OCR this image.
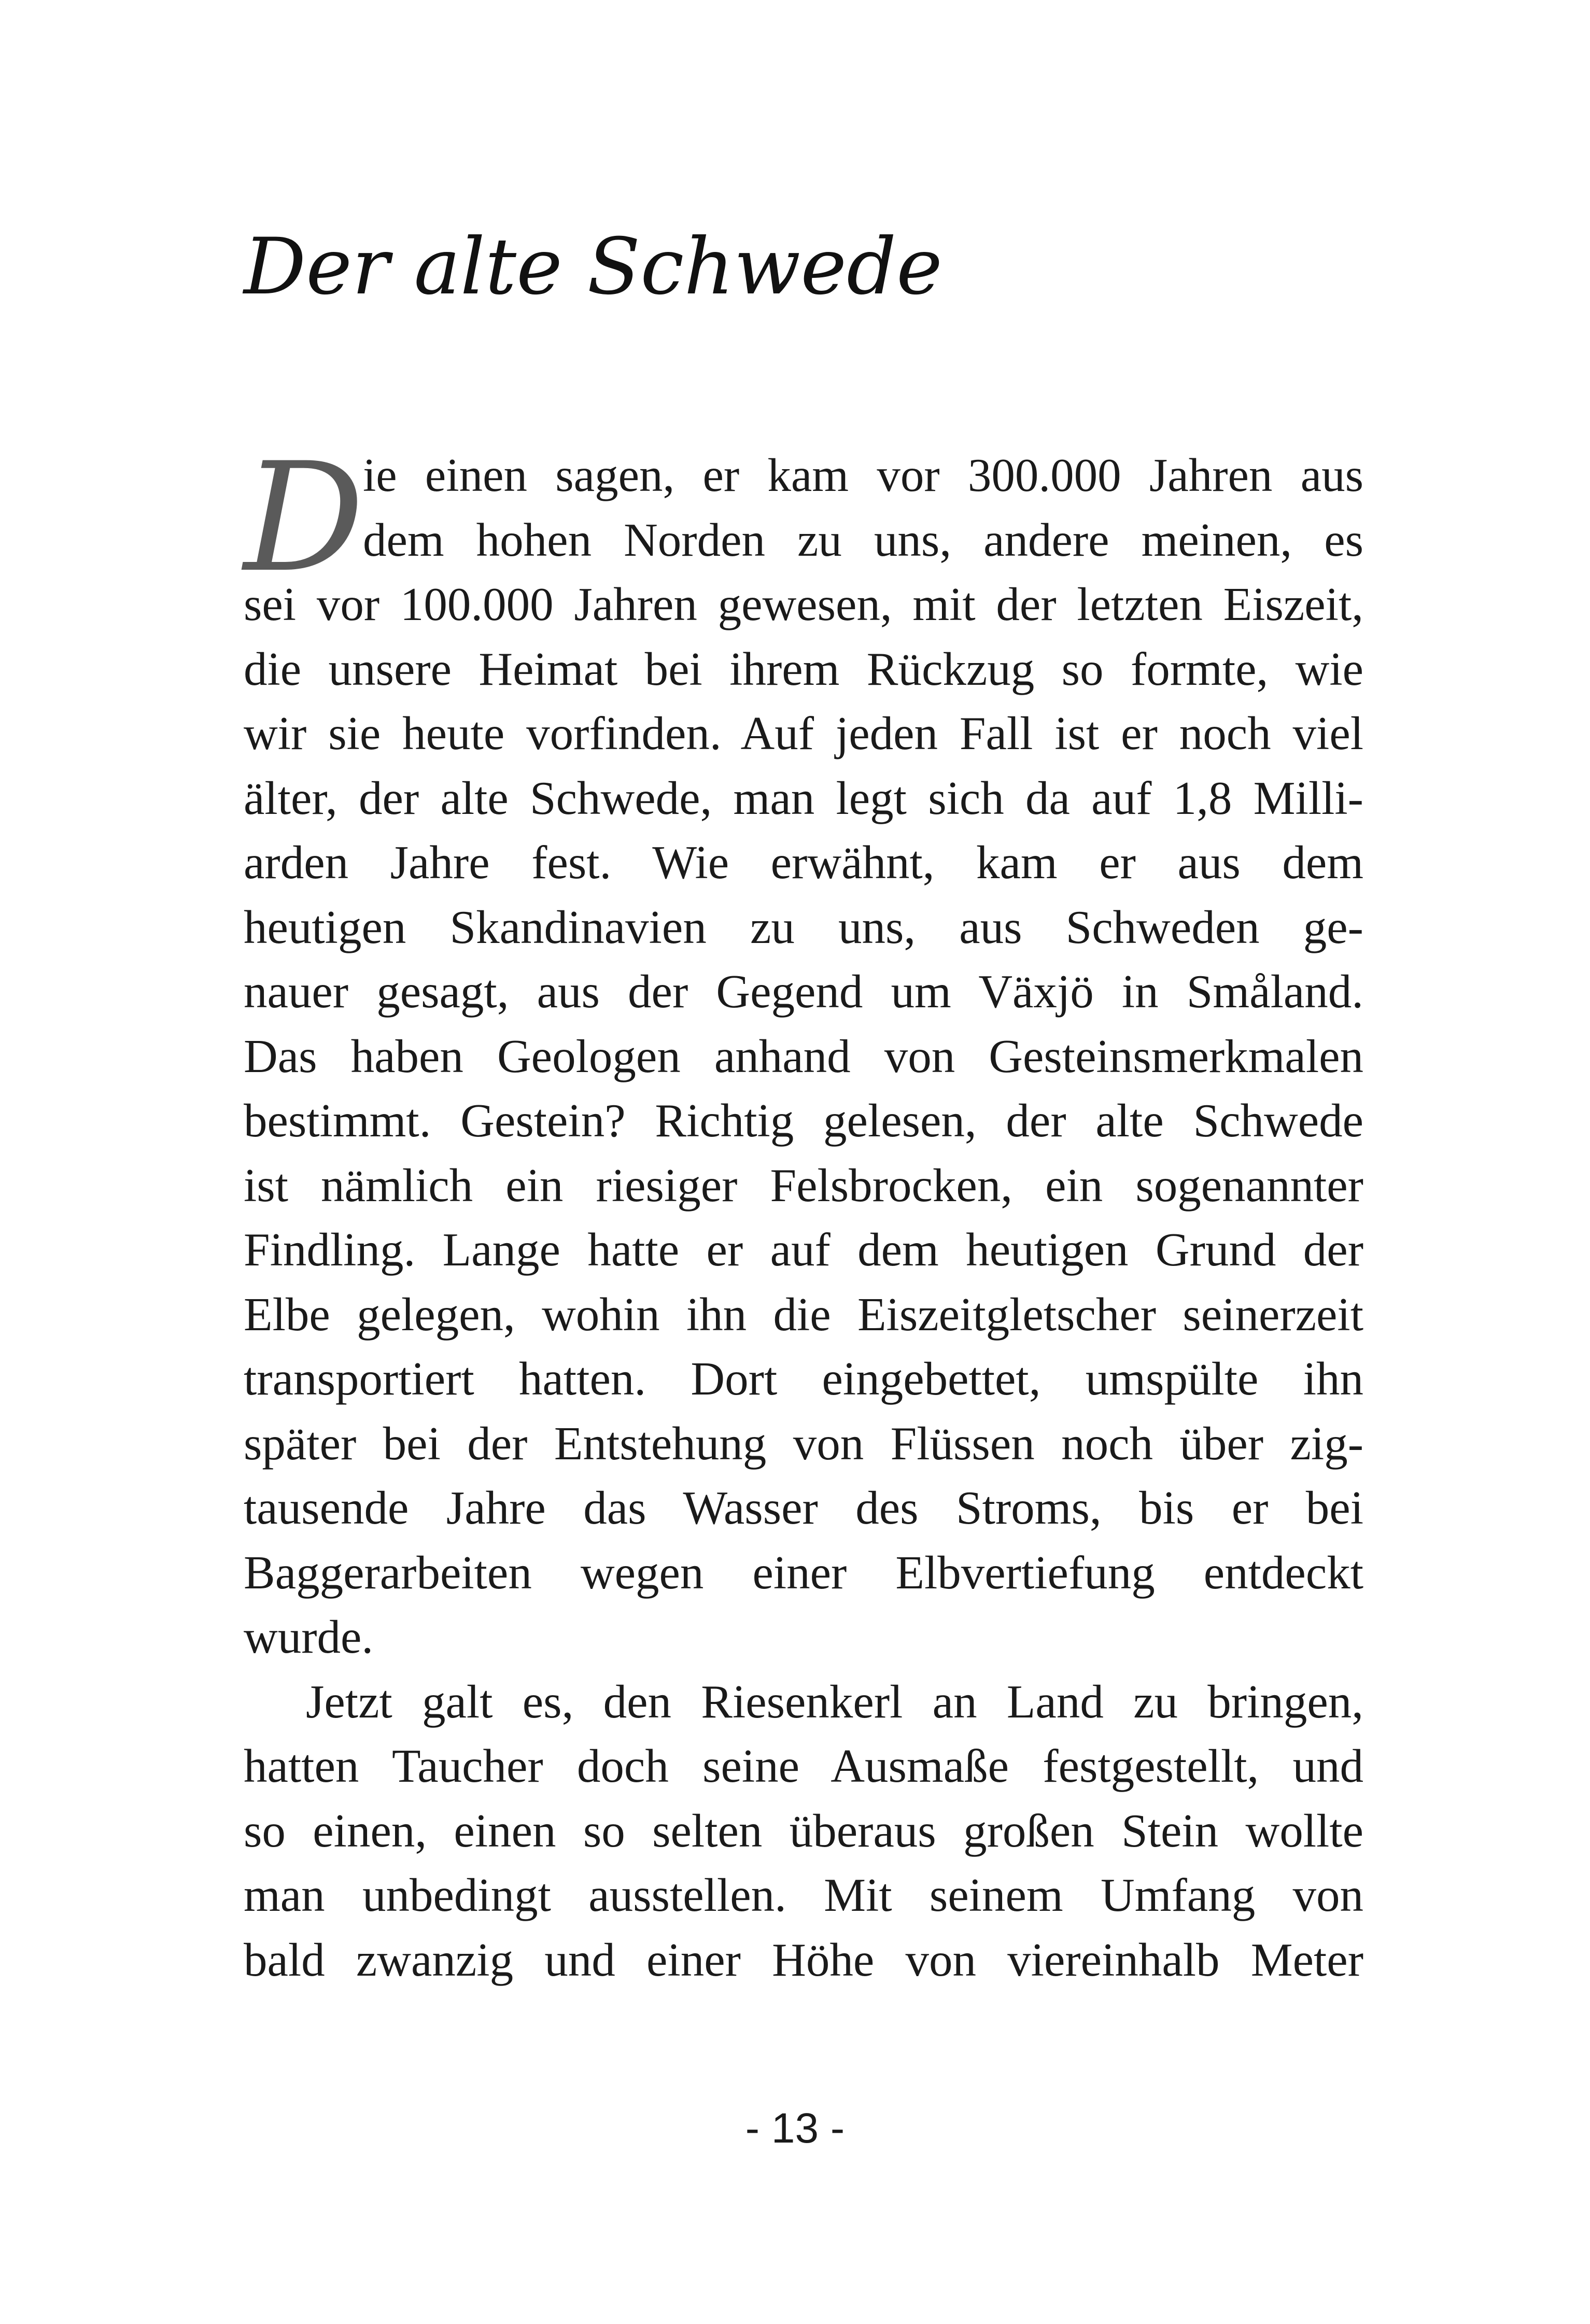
Der alte Schwede
D

ie einen sagen, er kam vor 300.000 Jahren aus
dem hohen Norden zu uns, andere meinen, es
sei vor 100.000 Jahren gewesen, mit der letzten Eiszeit,
die unsere Heimat bei ihrem Rückzug so formte, wie
wir sie heute vorfinden. Auf jeden Fall ist er noch viel
älter, der alte Schwede, man legt sich da auf 1,8 Milli-
arden Jahre fest. Wie erwähnt, kam er aus dem
heutigen Skandinavien zu uns, aus Schweden ge-
nauer gesagt, aus der Gegend um Växjö in Småland.
Das haben Geologen anhand von Gesteinsmerkmalen
bestimmt. Gestein? Richtig gelesen, der alte Schwede
ist nämlich ein riesiger Felsbrocken, ein sogenannter
Findling. Lange hatte er auf dem heutigen Grund der
Elbe gelegen, wohin ihn die Eiszeitgletscher seinerzeit
transportiert hatten. Dort eingebettet, umspülte ihn
später bei der Entstehung von Flüssen noch über zig-
tausende Jahre das Wasser des Stroms, bis er bei
Baggerarbeiten wegen einer Elbvertiefung entdeckt
wurde.

Jetzt galt es, den Riesenkerl an Land zu bringen,
hatten Taucher doch seine Ausmaße festgestellt, und
so einen, einen so selten überaus großen Stein wollte
man unbedingt ausstellen. Mit seinem Umfang von
bald zwanzig und einer Höhe von viereinhalb Meter

- 13 -
